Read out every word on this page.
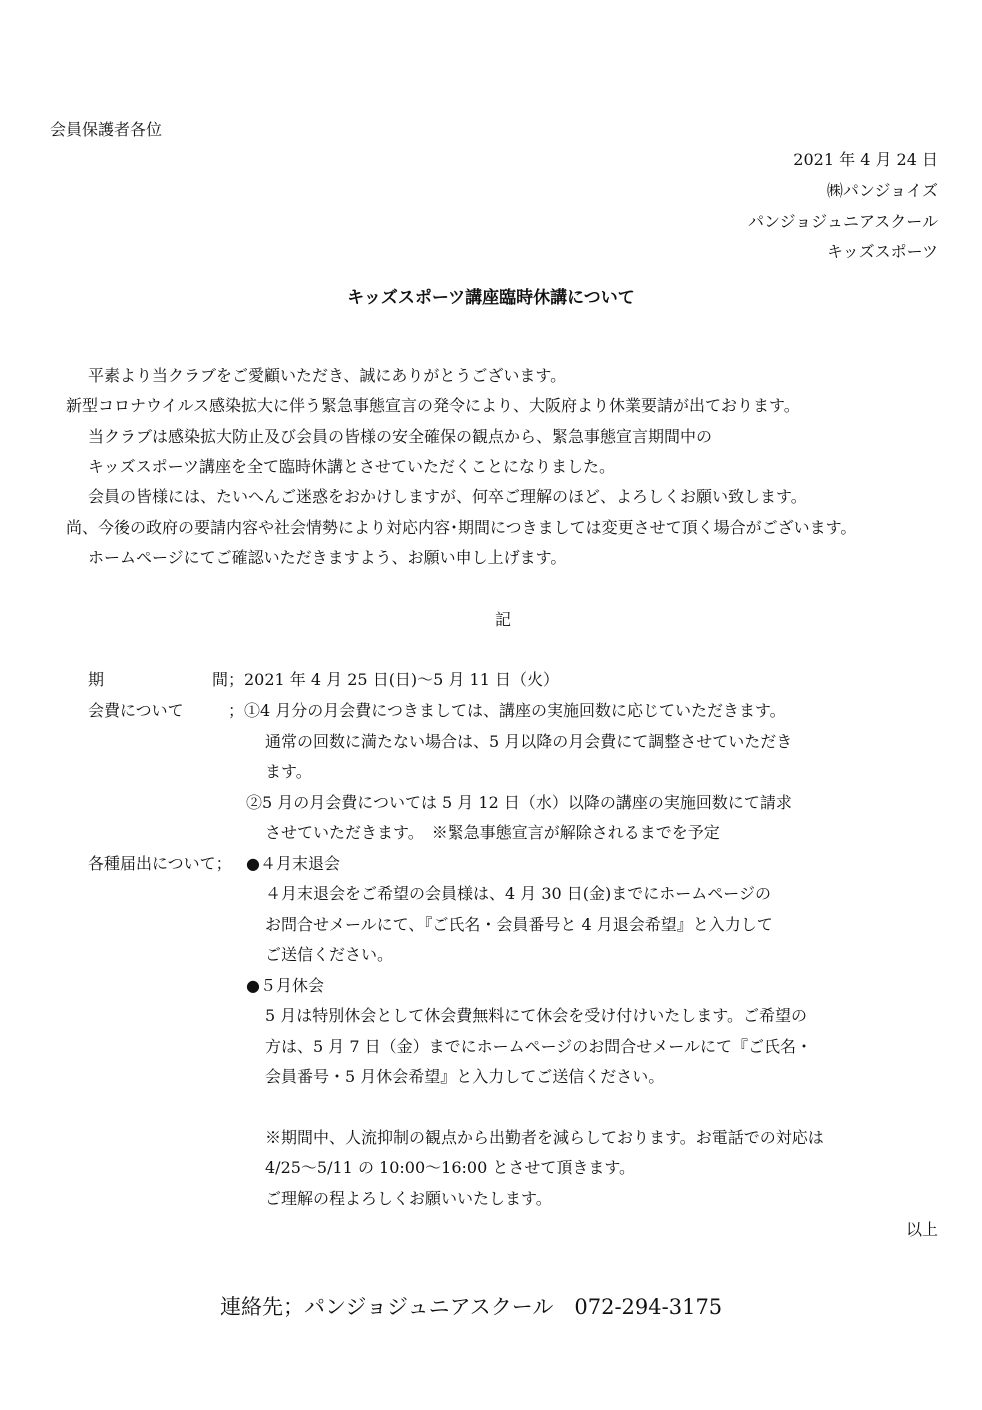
会員保護者各位
2021 年 4 月 24 日
㈱パンジョイズ
パンジョジュニアスクール
キッズスポーツ
キッズスポーツ講座臨時休講について
平素より当クラブをご愛顧いただき、誠にありがとうございます。
新型コロナウイルス感染拡大に伴う緊急事態宣言の発令により、大阪府より休業要請が出ております。
当クラブは感染拡大防止及び会員の皆様の安全確保の観点から、緊急事態宣言期間中の
キッズスポーツ講座を全て臨時休講とさせていただくことになりました。
会員の皆様には、たいへんご迷惑をおかけしますが、何卒ご理解のほど、よろしくお願い致します。
尚、今後の政府の要請内容や社会情勢により対応内容･期間につきましては変更させて頂く場合がございます。
ホームページにてご確認いただきますよう、お願い申し上げます。
記
期	間 ；2021 年 4 月 25 日(日)～5 月 11 日（火）
会費について	；①4 月分の月会費につきましては、講座の実施回数に応じていただきます。
通常の回数に満たない場合は、5 月以降の月会費にて調整させていただき
ます。
②5 月の月会費については 5 月 12 日（水）以降の講座の実施回数にて請求
させていただきます。　※緊急事態宣言が解除されるまでを予定
各種届出について； ●４月末退会
４月末退会をご希望の会員様は、4 月 30 日(金)までにホームページの
お問合せメールにて、『ご氏名・会員番号と 4 月退会希望』と入力して
ご送信ください。
●５月休会
5 月は特別休会として休会費無料にて休会を受け付けいたします。ご希望の
方は、5 月 7 日（金）までにホームページのお問合せメールにて『ご氏名・
会員番号・5 月休会希望』と入力してご送信ください。
※期間中、人流抑制の観点から出勤者を減らしております。お電話での対応は
4/25～5/11 の 10:00～16:00 とさせて頂きます。
ご理解の程よろしくお願いいたします。
以上
連絡先；パンジョジュニアスクール　072-294-3175
